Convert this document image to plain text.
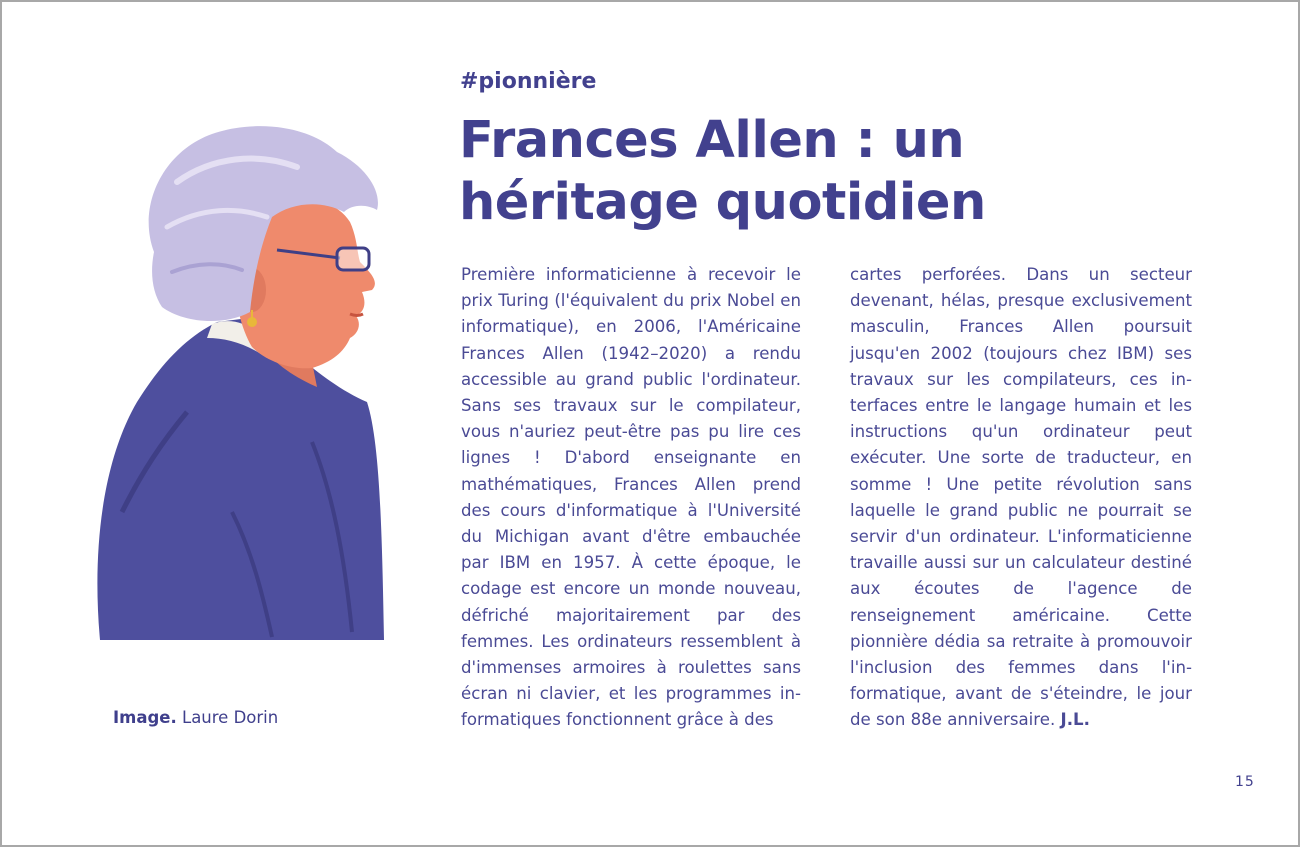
Image. Laure Dorin
#pionnière
Frances Allen : un héritage quotidien
Première informaticienne à recevoir le prix Turing (l'équivalent du prix Nobel en informatique), en 2006, l'Américaine Frances Allen (1942–2020) a rendu accessible au grand public l'ordinateur. Sans ses travaux sur le compilateur, vous n'auriez peut-être pas pu lire ces lignes ! D'abord enseignante en mathématiques, Frances Allen prend des cours d'informatique à l'Université du Michigan avant d'être embauchée par IBM en 1957. À cette époque, le codage est encore un monde nouveau, défriché majoritairement par des femmes. Les ordinateurs ressemblent à d'immenses armoires à roulettes sans écran ni clavier, et les programmes informatiques fonctionnent grâce à des
cartes perforées. Dans un secteur devenant, hélas, presque exclusivement masculin, Frances Allen poursuit jusqu'en 2002 (toujours chez IBM) ses travaux sur les compilateurs, ces interfaces entre le langage humain et les instructions qu'un ordinateur peut exécuter. Une sorte de traducteur, en somme ! Une petite révolution sans laquelle le grand public ne pourrait se servir d'un ordinateur. L'informaticienne travaille aussi sur un calculateur destiné aux écoutes de l'agence de renseignement américaine. Cette pionnière dédia sa retraite à promouvoir l'inclusion des femmes dans l'informatique, avant de s'éteindre, le jour de son 88e anniversaire. J.L.
15
